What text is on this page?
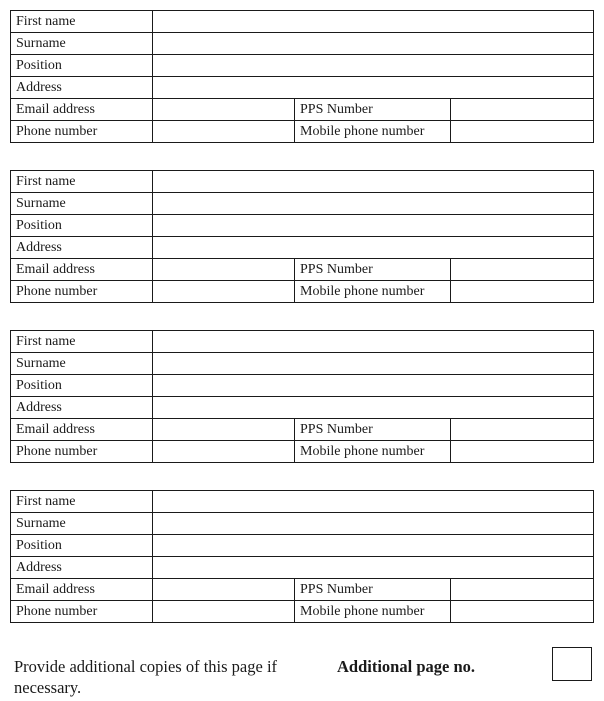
First name			
Surname			
Position			
Address			
Email address		PPS Number	
Phone number		Mobile phone number	
First name			
Surname			
Position			
Address			
Email address		PPS Number	
Phone number		Mobile phone number	
First name			
Surname			
Position			
Address			
Email address		PPS Number	
Phone number		Mobile phone number	
First name			
Surname			
Position			
Address			
Email address		PPS Number	
Phone number		Mobile phone number	
Provide additional copies of this page if necessary.
Additional page no.
